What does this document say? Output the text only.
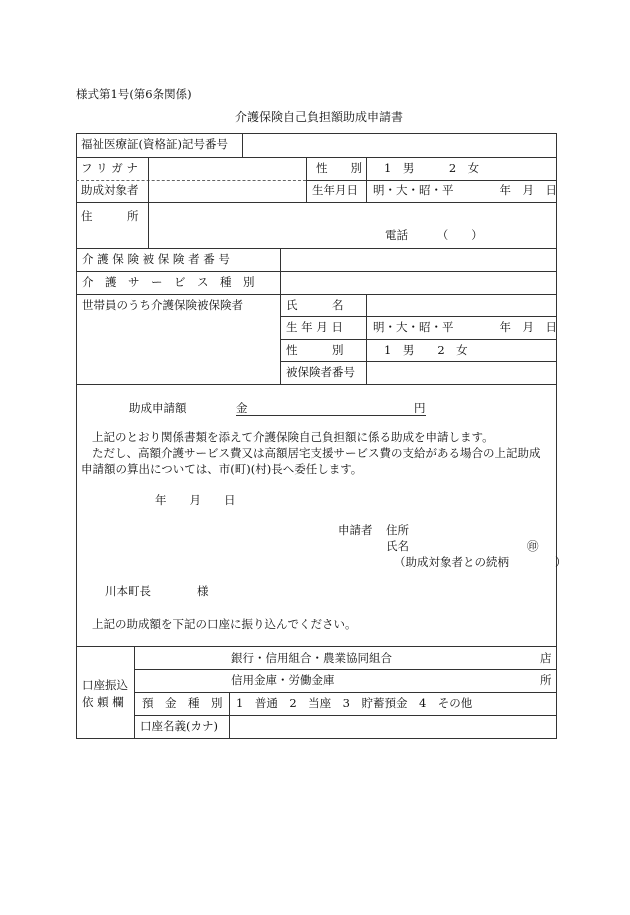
様式第1号(第6条関係)
介護保険自己負担額助成申請書
福祉医療証(資格証)記号番号
フ リ ガ ナ	性　　別 1　男　　　2　女
助成対象者	生年月日 明・大・昭・平　　　　年　月　日
住　　　所
電話　　　（　　）
介 護 保 険 被 保 険 者 番 号
介　護　サ　ー　ビ　ス　種　別
世帯員のうち介護保険被保険者	氏　　　名
生 年 月 日	明・大・昭・平　　　　年　月　日
性　　　別	1　男　　2　女
被保険者番号
助成申請額	金	円
上記のとおり関係書類を添えて介護保険自己負担額に係る助成を申請します。
ただし、高額介護サービス費又は高額居宅支援サービス費の支給がある場合の上記助成
申請額の算出については、市(町)(村)長へ委任します。
年　　月　　日
申請者 住所
氏名	㊞
（助成対象者との続柄　　　　）
川本町長　　　　様
上記の助成額を下記の口座に振り込んでください。
口座振込
依 頼 欄
銀行・信用組合・農業協同組合	店
信用金庫・労働金庫	所
預　金　種　別 1　普通　2　当座　3　貯蓄預金　4　その他
口座名義(カナ)
